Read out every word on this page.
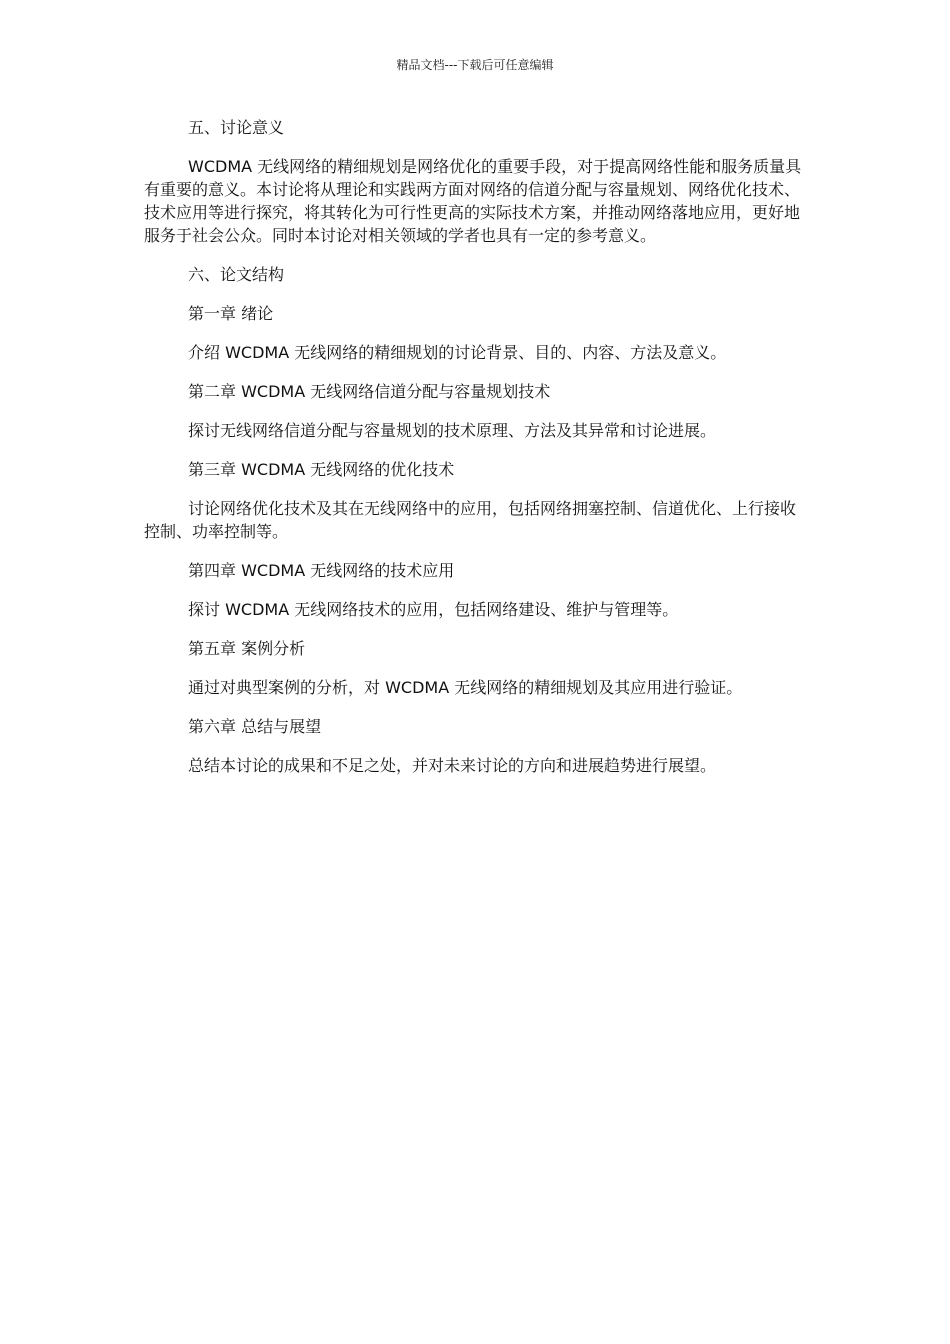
精品文档---下载后可任意编辑

五、讨论意义

WCDMA 无线网络的精细规划是网络优化的重要手段，对于提高网络性能和服务质量具有重要的意义。本讨论将从理论和实践两方面对网络的信道分配与容量规划、网络优化技术、技术应用等进行探究，将其转化为可行性更高的实际技术方案，并推动网络落地应用，更好地服务于社会公众。同时本讨论对相关领域的学者也具有一定的参考意义。

六、论文结构

第一章 绪论

介绍 WCDMA 无线网络的精细规划的讨论背景、目的、内容、方法及意义。

第二章 WCDMA 无线网络信道分配与容量规划技术

探讨无线网络信道分配与容量规划的技术原理、方法及其异常和讨论进展。

第三章 WCDMA 无线网络的优化技术

讨论网络优化技术及其在无线网络中的应用，包括网络拥塞控制、信道优化、上行接收控制、功率控制等。

第四章 WCDMA 无线网络的技术应用

探讨 WCDMA 无线网络技术的应用，包括网络建设、维护与管理等。

第五章 案例分析

通过对典型案例的分析，对 WCDMA 无线网络的精细规划及其应用进行验证。

第六章 总结与展望

总结本讨论的成果和不足之处，并对未来讨论的方向和进展趋势进行展望。
